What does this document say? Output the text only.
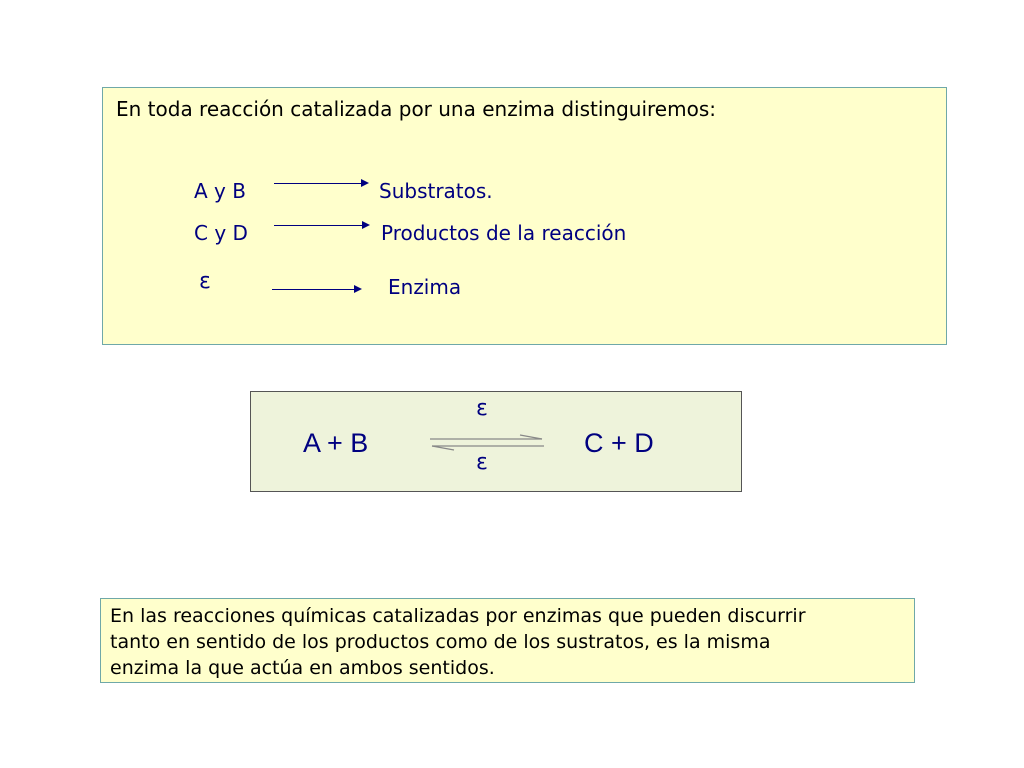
En toda reacción catalizada por una enzima distinguiremos:
A y B	Substratos.
C y D	Productos de la reacción
ε	Enzima
A + B
ε
ε
C + D
En las reacciones químicas catalizadas por enzimas que pueden discurrir
tanto en sentido de los productos como de los sustratos, es la misma
enzima la que actúa en ambos sentidos.
